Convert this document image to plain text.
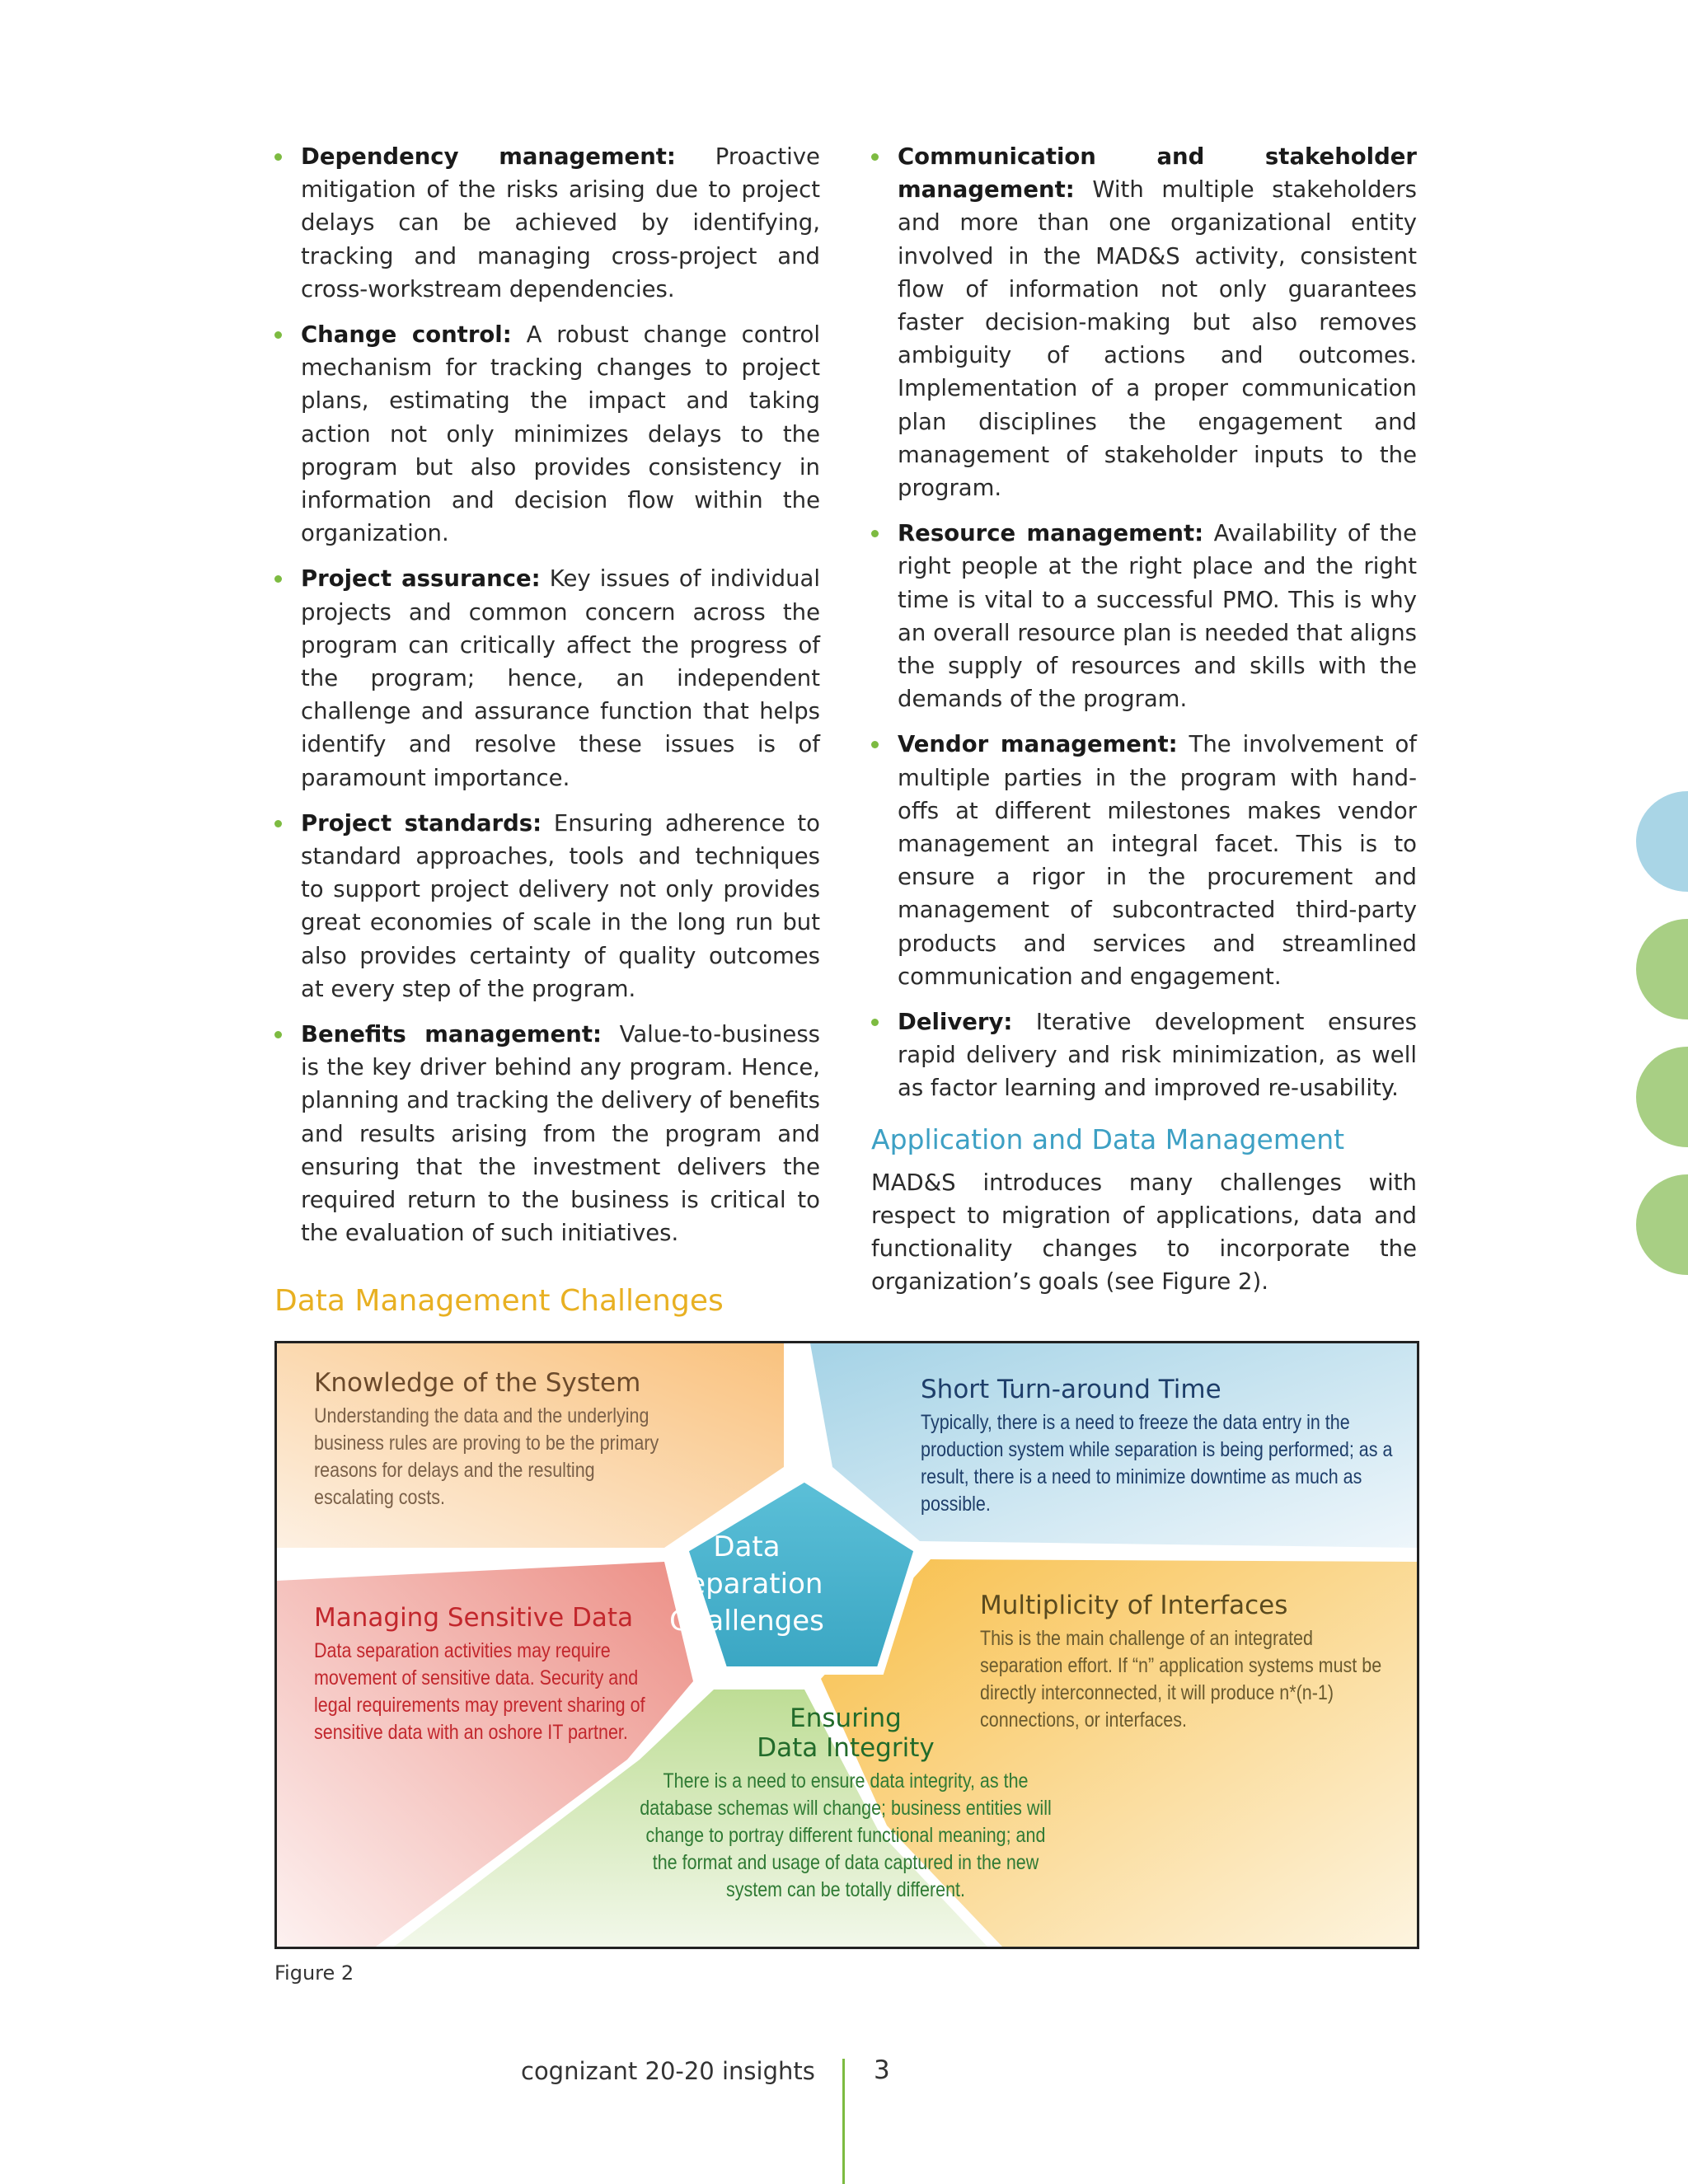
Dependency management: Proactive mitigation of the risks arising due to project delays can be achieved by identifying, tracking and managing cross-project and cross-workstream dependencies.
Change control: A robust change control mechanism for tracking changes to project plans, estimating the impact and taking action not only minimizes delays to the program but also provides consistency in information and decision flow within the organization.
Project assurance: Key issues of individual projects and common concern across the program can critically affect the progress of the program; hence, an independent challenge and assurance function that helps identify and resolve these issues is of paramount importance.
Project standards: Ensuring adherence to standard approaches, tools and techniques to support project delivery not only provides great economies of scale in the long run but also provides certainty of quality outcomes at every step of the program.
Benefits management: Value-to-business is the key driver behind any program. Hence, planning and tracking the delivery of benefits and results arising from the program and ensuring that the investment delivers the required return to the business is critical to the evaluation of such initiatives.
Communication and stakeholder management: With multiple stakeholders and more than one organizational entity involved in the MAD&S activity, consistent flow of information not only guarantees faster decision-making but also removes ambiguity of actions and outcomes. Implementation of a proper communication plan disciplines the engagement and management of stakeholder inputs to the program.
Resource management: Availability of the right people at the right place and the right time is vital to a successful PMO. This is why an overall resource plan is needed that aligns the supply of resources and skills with the demands of the program.
Vendor management: The involvement of multiple parties in the program with hand-offs at different milestones makes vendor management an integral facet. This is to ensure a rigor in the procurement and management of subcontracted third-party products and services and streamlined communication and engagement.
Delivery: Iterative development ensures rapid delivery and risk minimization, as well as factor learning and improved re-usability.
Application and Data Management

MAD&S introduces many challenges with respect to migration of applications, data and functionality changes to incorporate the organization’s goals (see Figure 2).

Data Management Challenges
Knowledge of the System

Understanding the data and the underlying business rules are proving to be the primary reasons for delays and the resulting escalating costs.

Short Turn-around Time

Typically, there is a need to freeze the data entry in the production system while separation is being performed; as a result, there is a need to minimize downtime as much as possible.

Managing Sensitive Data

Data separation activities may require movement of sensitive data. Security and legal requirements may prevent sharing of sensitive data with an oshore IT partner.

Multiplicity of Interfaces

This is the main challenge of an integrated separation effort. If “n” application systems must be directly interconnected, it will produce n*(n-1) connections, or interfaces.

Ensuring
Data Integrity

There is a need to ensure data integrity, as the database schemas will change; business entities will change to portray different functional meaning; and the format and usage of data captured in the new system can be totally different.

Data
Separation
Challenges
Figure 2
cognizant 20-20 insights 3
